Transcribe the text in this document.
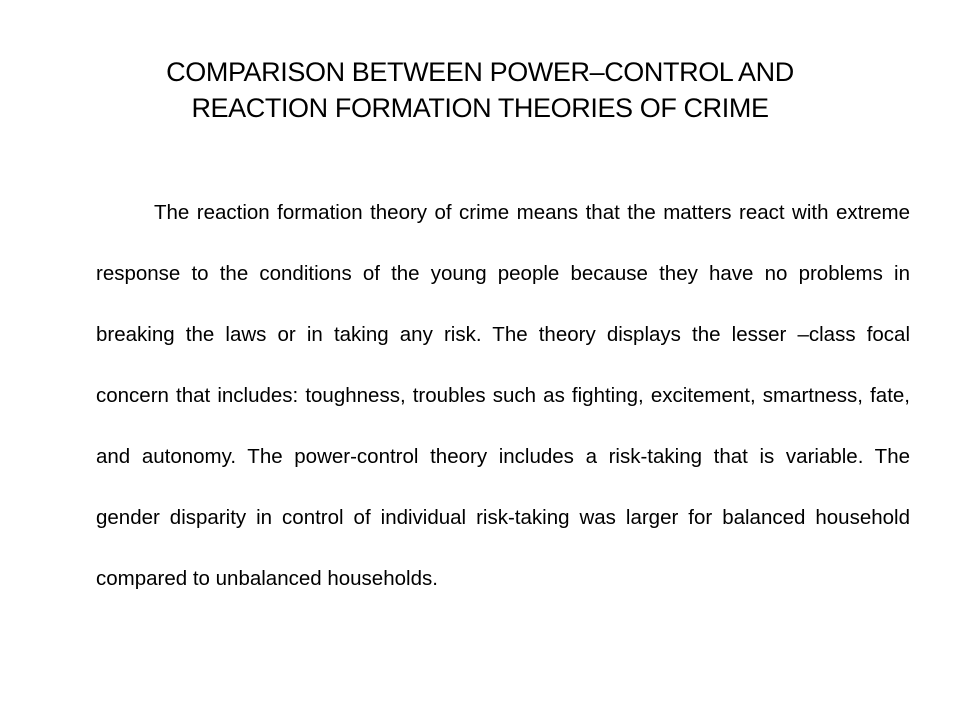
COMPARISON BETWEEN POWER–CONTROL AND
REACTION FORMATION THEORIES OF CRIME

The reaction formation theory of crime means that the matters react with extreme response to the conditions of the young people because they have no problems in breaking the laws or in taking any risk. The theory displays the lesser –class focal concern that includes: toughness, troubles such as fighting, excitement, smartness, fate, and autonomy. The power-control theory includes a risk-taking that is variable. The gender disparity in control of individual risk-taking was larger for balanced household compared to unbalanced households.
